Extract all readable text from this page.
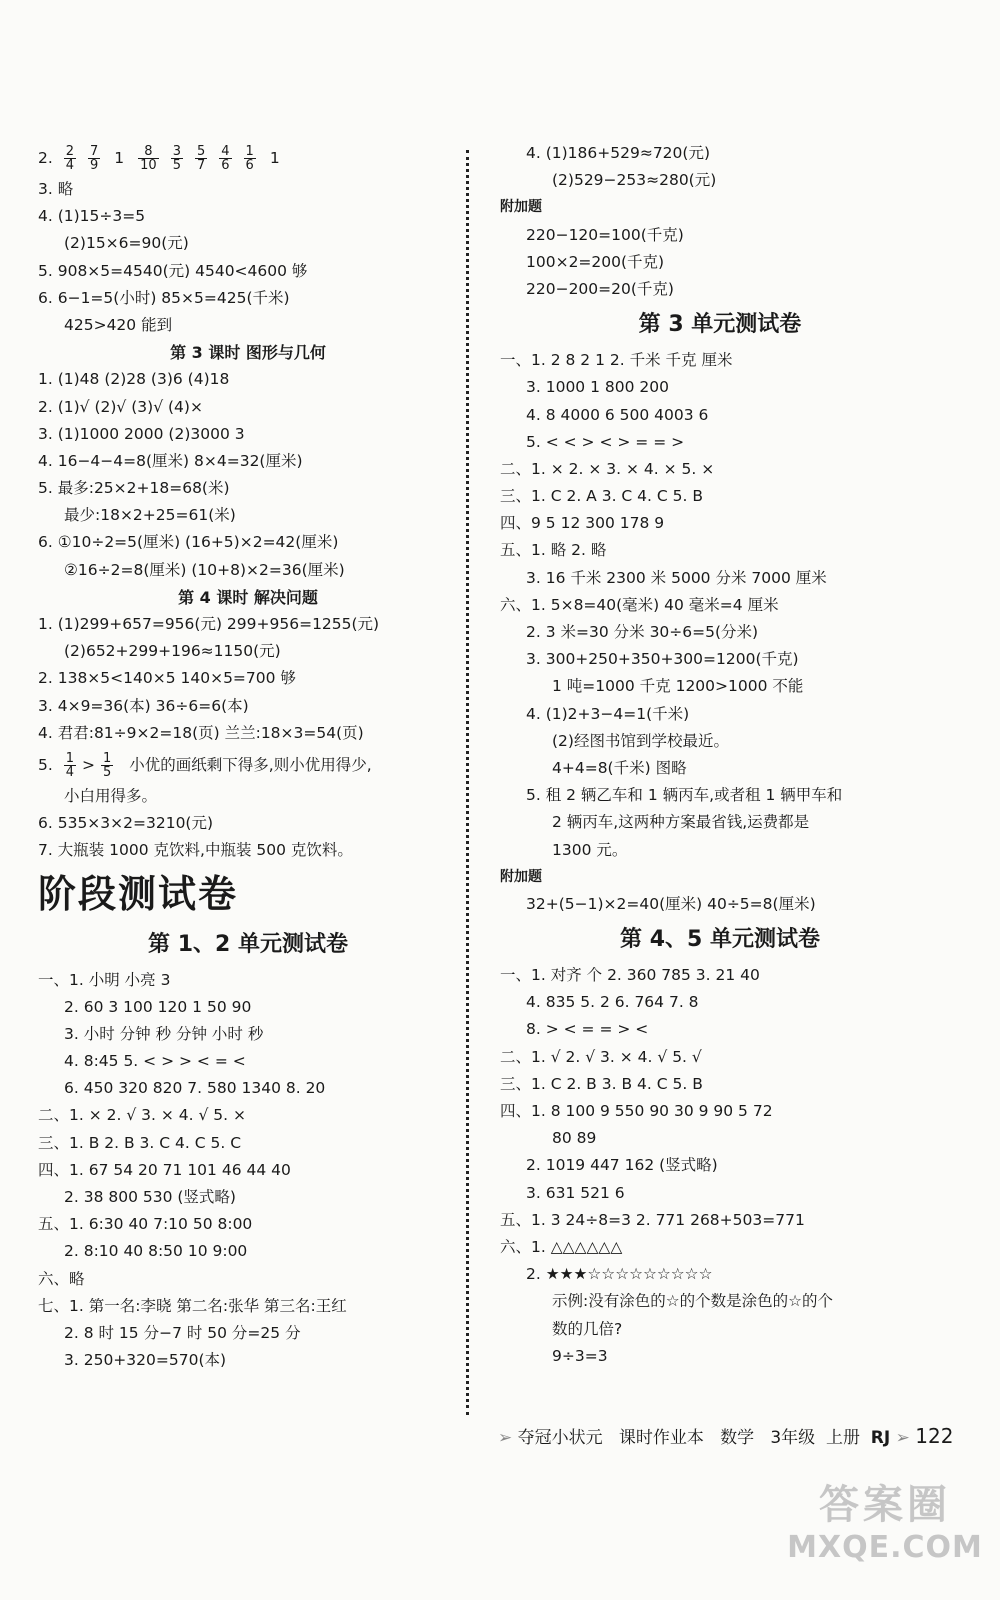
2. $\frac{2}{4} \frac{7}{9} 1 \frac{8}{10} \frac{3}{5} \frac{5}{7} \frac{4}{6} \frac{1}{6} 1$
3. 略
4. (1)15÷3=5
(2)15×6=90(元)
5. 908×5=4540(元) 4540<4600 够
6. 6−1=5(小时) 85×5=425(千米)
425>420 能到
第 3 课时 图形与几何
1. (1)48 (2)28 (3)6 (4)18
2. (1)√ (2)√ (3)√ (4)×
3. (1)1000 2000 (2)3000 3
4. 16−4−4=8(厘米) 8×4=32(厘米)
5. 最多:25×2+18=68(米)
最少:18×2+25=61(米)
6. ①10÷2=5(厘米) (16+5)×2=42(厘米)
②16÷2=8(厘米) (10+8)×2=36(厘米)
第 4 课时 解决问题
1. (1)299+657=956(元) 299+956=1255(元)
(2)652+299+196≈1150(元)
2. 138×5<140×5 140×5=700 够
3. 4×9=36(本) 36÷6=6(本)
4. 君君:81÷9×2=18(页) 兰兰:18×3=54(页)
5. $\frac{1}{4} > \frac{1}{5}$ 小优的画纸剩下得多,则小优用得少,
小白用得多。
6. 535×3×2=3210(元)
7. 大瓶装 1000 克饮料,中瓶装 500 克饮料。
阶段测试卷
第 1、2 单元测试卷
一、1. 小明 小亮 3
2. 60 3 100 120 1 50 90
3. 小时 分钟 秒 分钟 小时 秒
4. 8:45 5. < > > < = <
6. 450 320 820 7. 580 1340 8. 20
二、1. × 2. √ 3. × 4. √ 5. ×
三、1. B 2. B 3. C 4. C 5. C
四、1. 67 54 20 71 101 46 44 40
2. 38 800 530 (竖式略)
五、1. 6:30 40 7:10 50 8:00
2. 8:10 40 8:50 10 9:00
六、略
七、1. 第一名:李晓 第二名:张华 第三名:王红
2. 8 时 15 分−7 时 50 分=25 分
3. 250+320=570(本)
4. (1)186+529≈720(元)
(2)529−253≈280(元)
附加题
220−120=100(千克)
100×2=200(千克)
220−200=20(千克)
第 3 单元测试卷
一、1. 2 8 2 1 2. 千米 千克 厘米
3. 1000 1 800 200
4. 8 4000 6 500 4003 6
5. < < > < > = = >
二、1. × 2. × 3. × 4. × 5. ×
三、1. C 2. A 3. C 4. C 5. B
四、9 5 12 300 178 9
五、1. 略 2. 略
3. 16 千米 2300 米 5000 分米 7000 厘米
六、1. 5×8=40(毫米) 40 毫米=4 厘米
2. 3 米=30 分米 30÷6=5(分米)
3. 300+250+350+300=1200(千克)
1 吨=1000 千克 1200>1000 不能
4. (1)2+3−4=1(千米)
(2)经图书馆到学校最近。
4+4=8(千米) 图略
5. 租 2 辆乙车和 1 辆丙车,或者租 1 辆甲车和
2 辆丙车,这两种方案最省钱,运费都是
1300 元。
附加题
32+(5−1)×2=40(厘米) 40÷5=8(厘米)
第 4、5 单元测试卷
一、1. 对齐 个 2. 360 785 3. 21 40
4. 835 5. 2 6. 764 7. 8
8. > < = = > <
二、1. √ 2. √ 3. × 4. √ 5. √
三、1. C 2. B 3. B 4. C 5. B
四、1. 8 100 9 550 90 30 9 90 5 72
80 89
2. 1019 447 162 (竖式略)
3. 631 521 6
五、1. 3 24÷8=3 2. 771 268+503=771
六、1. △△△△△△
2. ★★★☆☆☆☆☆☆☆☆☆
示例:没有涂色的☆的个数是涂色的☆的个
数的几倍?
9÷3=3
➢ 夺冠小状元 课时作业本 数学 3年级 上册 RJ ➢ 122
答案圈
MXQE.COM
